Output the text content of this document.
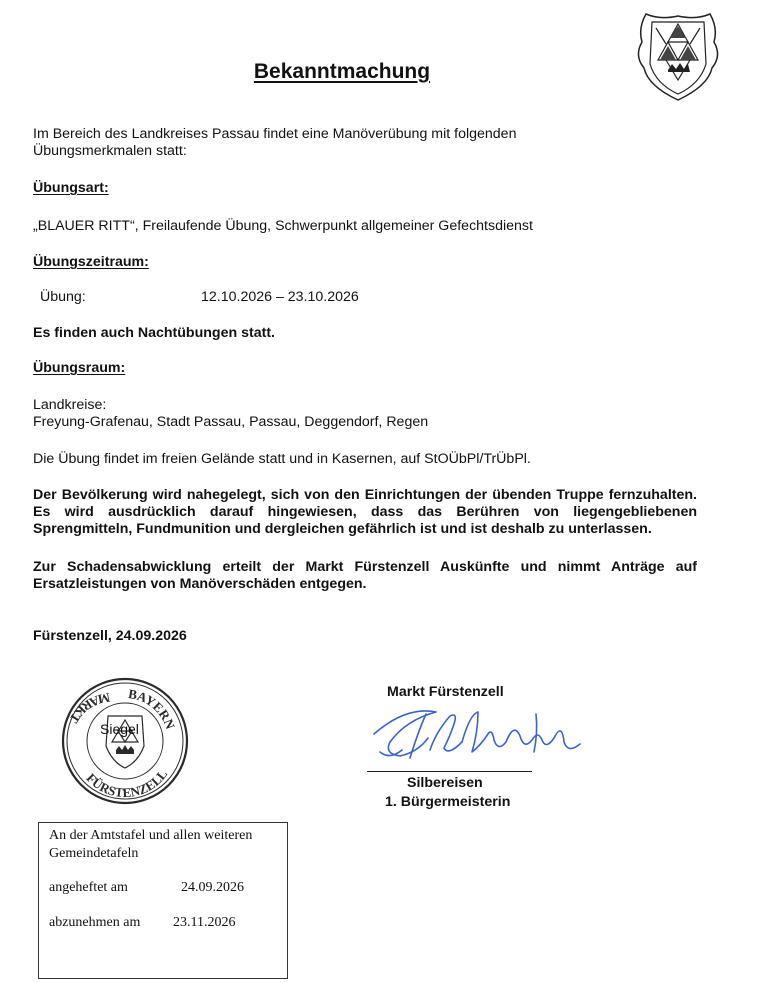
Bekanntmachung
Im Bereich des Landkreises Passau findet eine Manöverübung mit folgenden
Übungsmerkmalen statt:
Übungsart:
„BLAUER RITT“, Freilaufende Übung, Schwerpunkt allgemeiner Gefechtsdienst
Übungszeitraum:
Übung:	12.10.2026 – 23.10.2026
Es finden auch Nachtübungen statt.
Übungsraum:
Landkreise:
Freyung-Grafenau, Stadt Passau, Passau, Deggendorf, Regen
Die Übung findet im freien Gelände statt und in Kasernen, auf StOÜbPl/TrÜbPl.
Der Bevölkerung wird nahegelegt, sich von den Einrichtungen der übenden Truppe fernzuhalten. Es wird ausdrücklich darauf hingewiesen, dass das Berühren von liegengebliebenen Sprengmitteln, Fundmunition und dergleichen gefährlich ist und ist deshalb zu unterlassen.
Zur Schadensabwicklung erteilt der Markt Fürstenzell Auskünfte und nimmt Anträge auf Ersatzleistungen von Manöverschäden entgegen.
Fürstenzell, 24.09.2026
BAYERN
FÜRSTENZELL
MARKT
Siegel
Markt Fürstenzell
Silbereisen
1. Bürgermeisterin
An der Amtstafel und allen weiteren
Gemeindetafeln
angeheftet am	24.09.2026
abzunehmen am 23.11.2026
